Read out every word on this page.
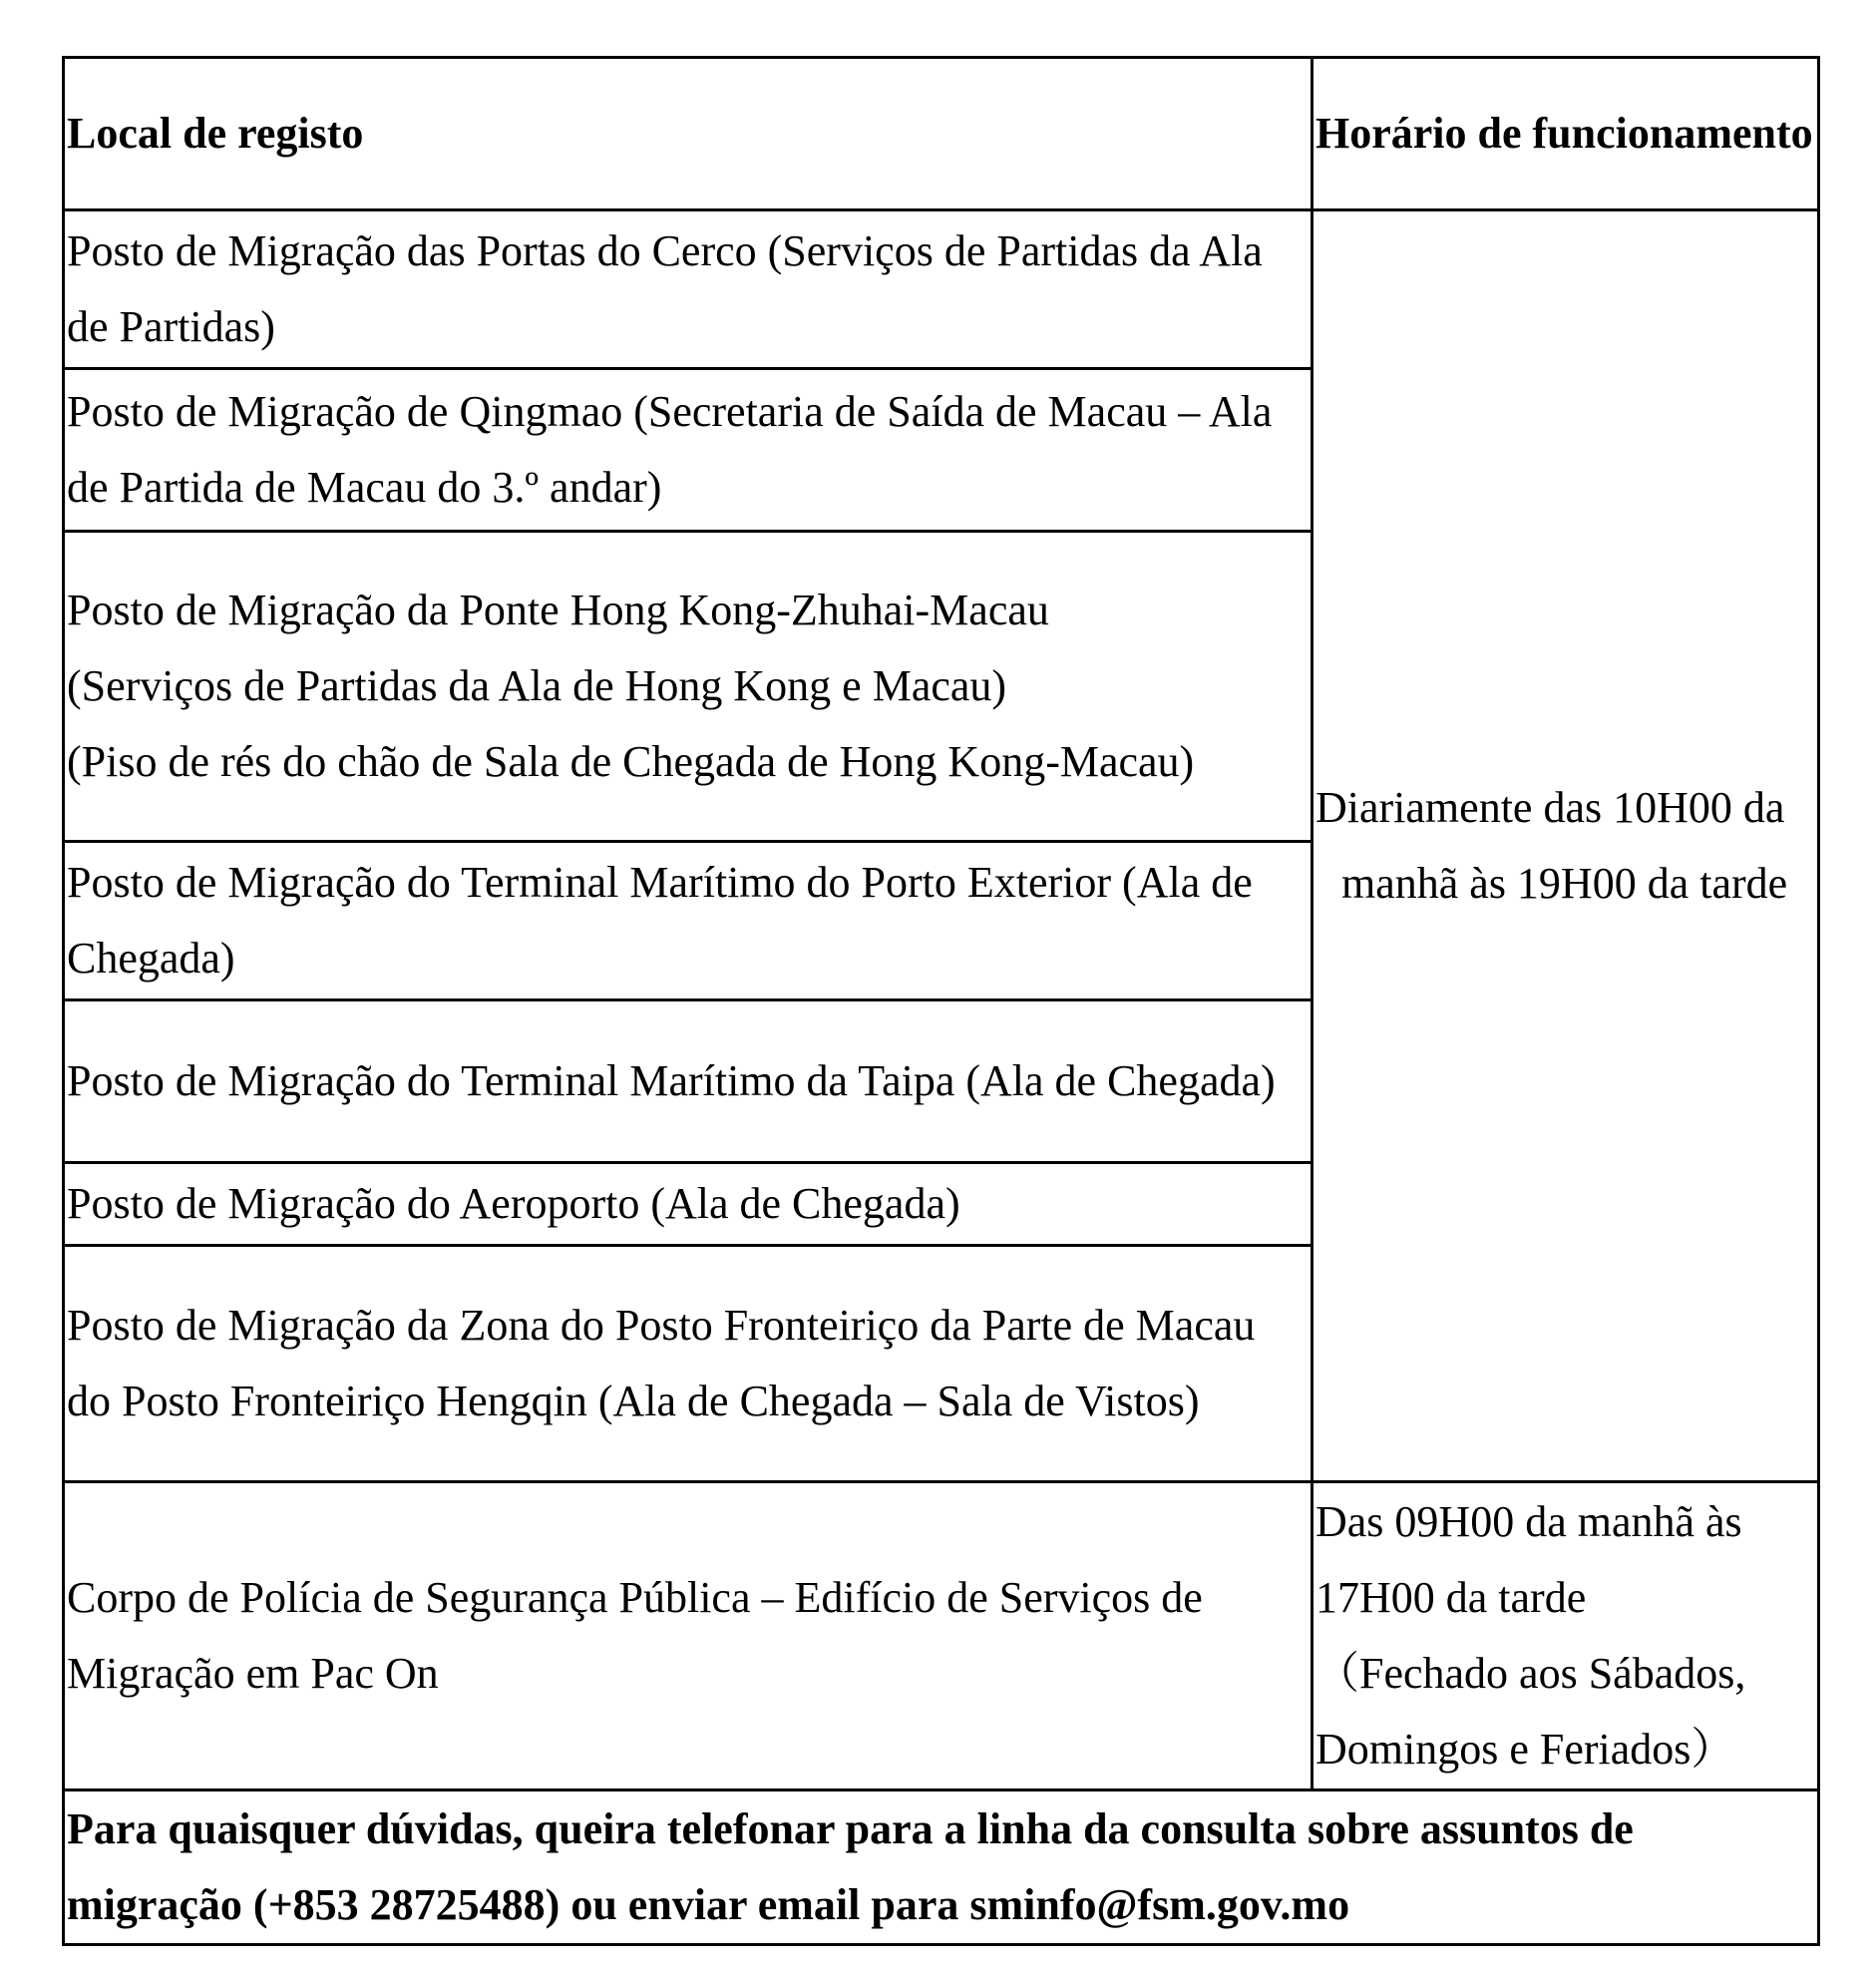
Local de registo	Horário de funcionamento
Posto de Migração das Portas do Cerco (Serviços de Partidas da Ala de Partidas)	Diariamente das 10H00 da manhã às 19H00 da tarde

Posto de Migração de Qingmao (Secretaria de Saída de Macau – Ala de Partida de Macau do 3.º andar)	

Posto de Migração da Ponte Hong Kong-Zhuhai-Macau
(Serviços de Partidas da Ala de Hong Kong e Macau)
(Piso de rés do chão de Sala de Chegada de Hong Kong-Macau)	

Posto de Migração do Terminal Marítimo do Porto Exterior (Ala de Chegada)	
Posto de Migração do Terminal Marítimo da Taipa (Ala de Chegada)	
Posto de Migração do Aeroporto (Ala de Chegada)	
Posto de Migração da Zona do Posto Fronteiriço da Parte de Macau do Posto Fronteiriço Hengqin (Ala de Chegada – Sala de Vistos)	
Corpo de Polícia de Segurança Pública – Edifício de Serviços de Migração em Pac On	Das 09H00 da manhã às 17H00 da tarde
（Fechado aos Sábados, Domingos e Feriados）

Para quaisquer dúvidas, queira telefonar para a linha da consulta sobre assuntos de migração (+853 28725488) ou enviar email para sminfo@fsm.gov.mo	
